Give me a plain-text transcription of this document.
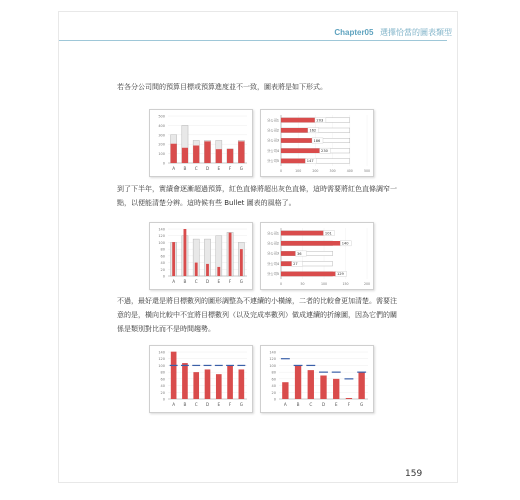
Chapter05 選擇恰當的圖表類型
若各分公司間的預算目標或預算進度並不一致，圖表將是如下形式。
0
100
200
300
400
500
A B C D E F G	0	100	200	300	400	500
203
分公司1
162
分公司2
186
分公司3
230
分公司4
147
分公司5
到了下半年，實績會逐漸超過預算，紅色直條將超出灰色直條，這時需要將紅色直條調窄一
點，以便能清楚分辨。這時候有些 Bullet 圖表的風格了。
0
20
40
60
80
100
120
140
A B C D E F G	0	50	100	150	200
101
分公司1
140
分公司2
36
分公司3
27
分公司4
129
分公司5
不過，最好還是將目標數列的圖形調整為不連續的小橫線，二者的比較會更加清楚。需要注
意的是，橫向比較中不宜將目標數列（以及完成率數列）做成連續的折線圖，因為它們的關
係是類別對比而不是時間趨勢。
0
20
40
60
80
100
120
140
A B C D E F G
0
20
40
60
80
100
120
140
A B C D E F G
159
